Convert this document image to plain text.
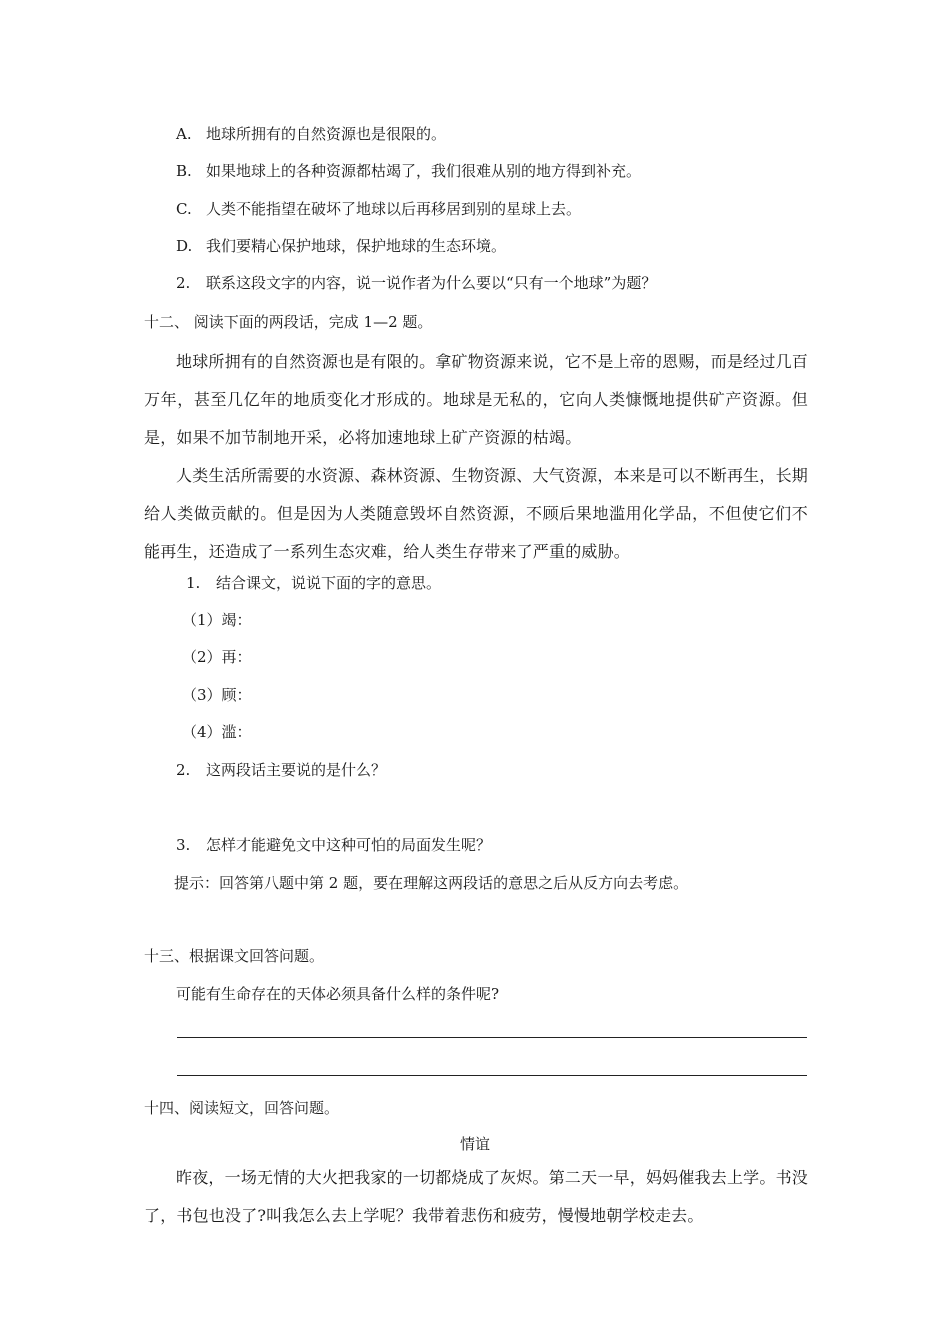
A. 地球所拥有的自然资源也是很限的。
B. 如果地球上的各种资源都枯竭了，我们很难从别的地方得到补充。
C. 人类不能指望在破坏了地球以后再移居到别的星球上去。
D. 我们要精心保护地球，保护地球的生态环境。
2. 联系这段文字的内容，说一说作者为什么要以“只有一个地球”为题？
十二、 阅读下面的两段话，完成 1—2 题。
地球所拥有的自然资源也是有限的。拿矿物资源来说，它不是上帝的恩赐，而是经过几百万年，甚至几亿年的地质变化才形成的。地球是无私的，它向人类慷慨地提供矿产资源。但是，如果不加节制地开采，必将加速地球上矿产资源的枯竭。
人类生活所需要的水资源、森林资源、生物资源、大气资源，本来是可以不断再生，长期给人类做贡献的。但是因为人类随意毁坏自然资源，不顾后果地滥用化学品，不但使它们不能再生，还造成了一系列生态灾难，给人类生存带来了严重的威胁。
1. 结合课文，说说下面的字的意思。
（1）竭：
（2）再：
（3）顾：
（4）滥：
2. 这两段话主要说的是什么？
3. 怎样才能避免文中这种可怕的局面发生呢？
提示：回答第八题中第 2 题，要在理解这两段话的意思之后从反方向去考虑。
十三、根据课文回答问题。
可能有生命存在的天体必须具备什么样的条件呢?
十四、阅读短文，回答问题。
情谊
昨夜，一场无情的大火把我家的一切都烧成了灰烬。第二天一早，妈妈催我去上学。书没了，书包也没了?叫我怎么去上学呢？我带着悲伤和疲劳，慢慢地朝学校走去。
